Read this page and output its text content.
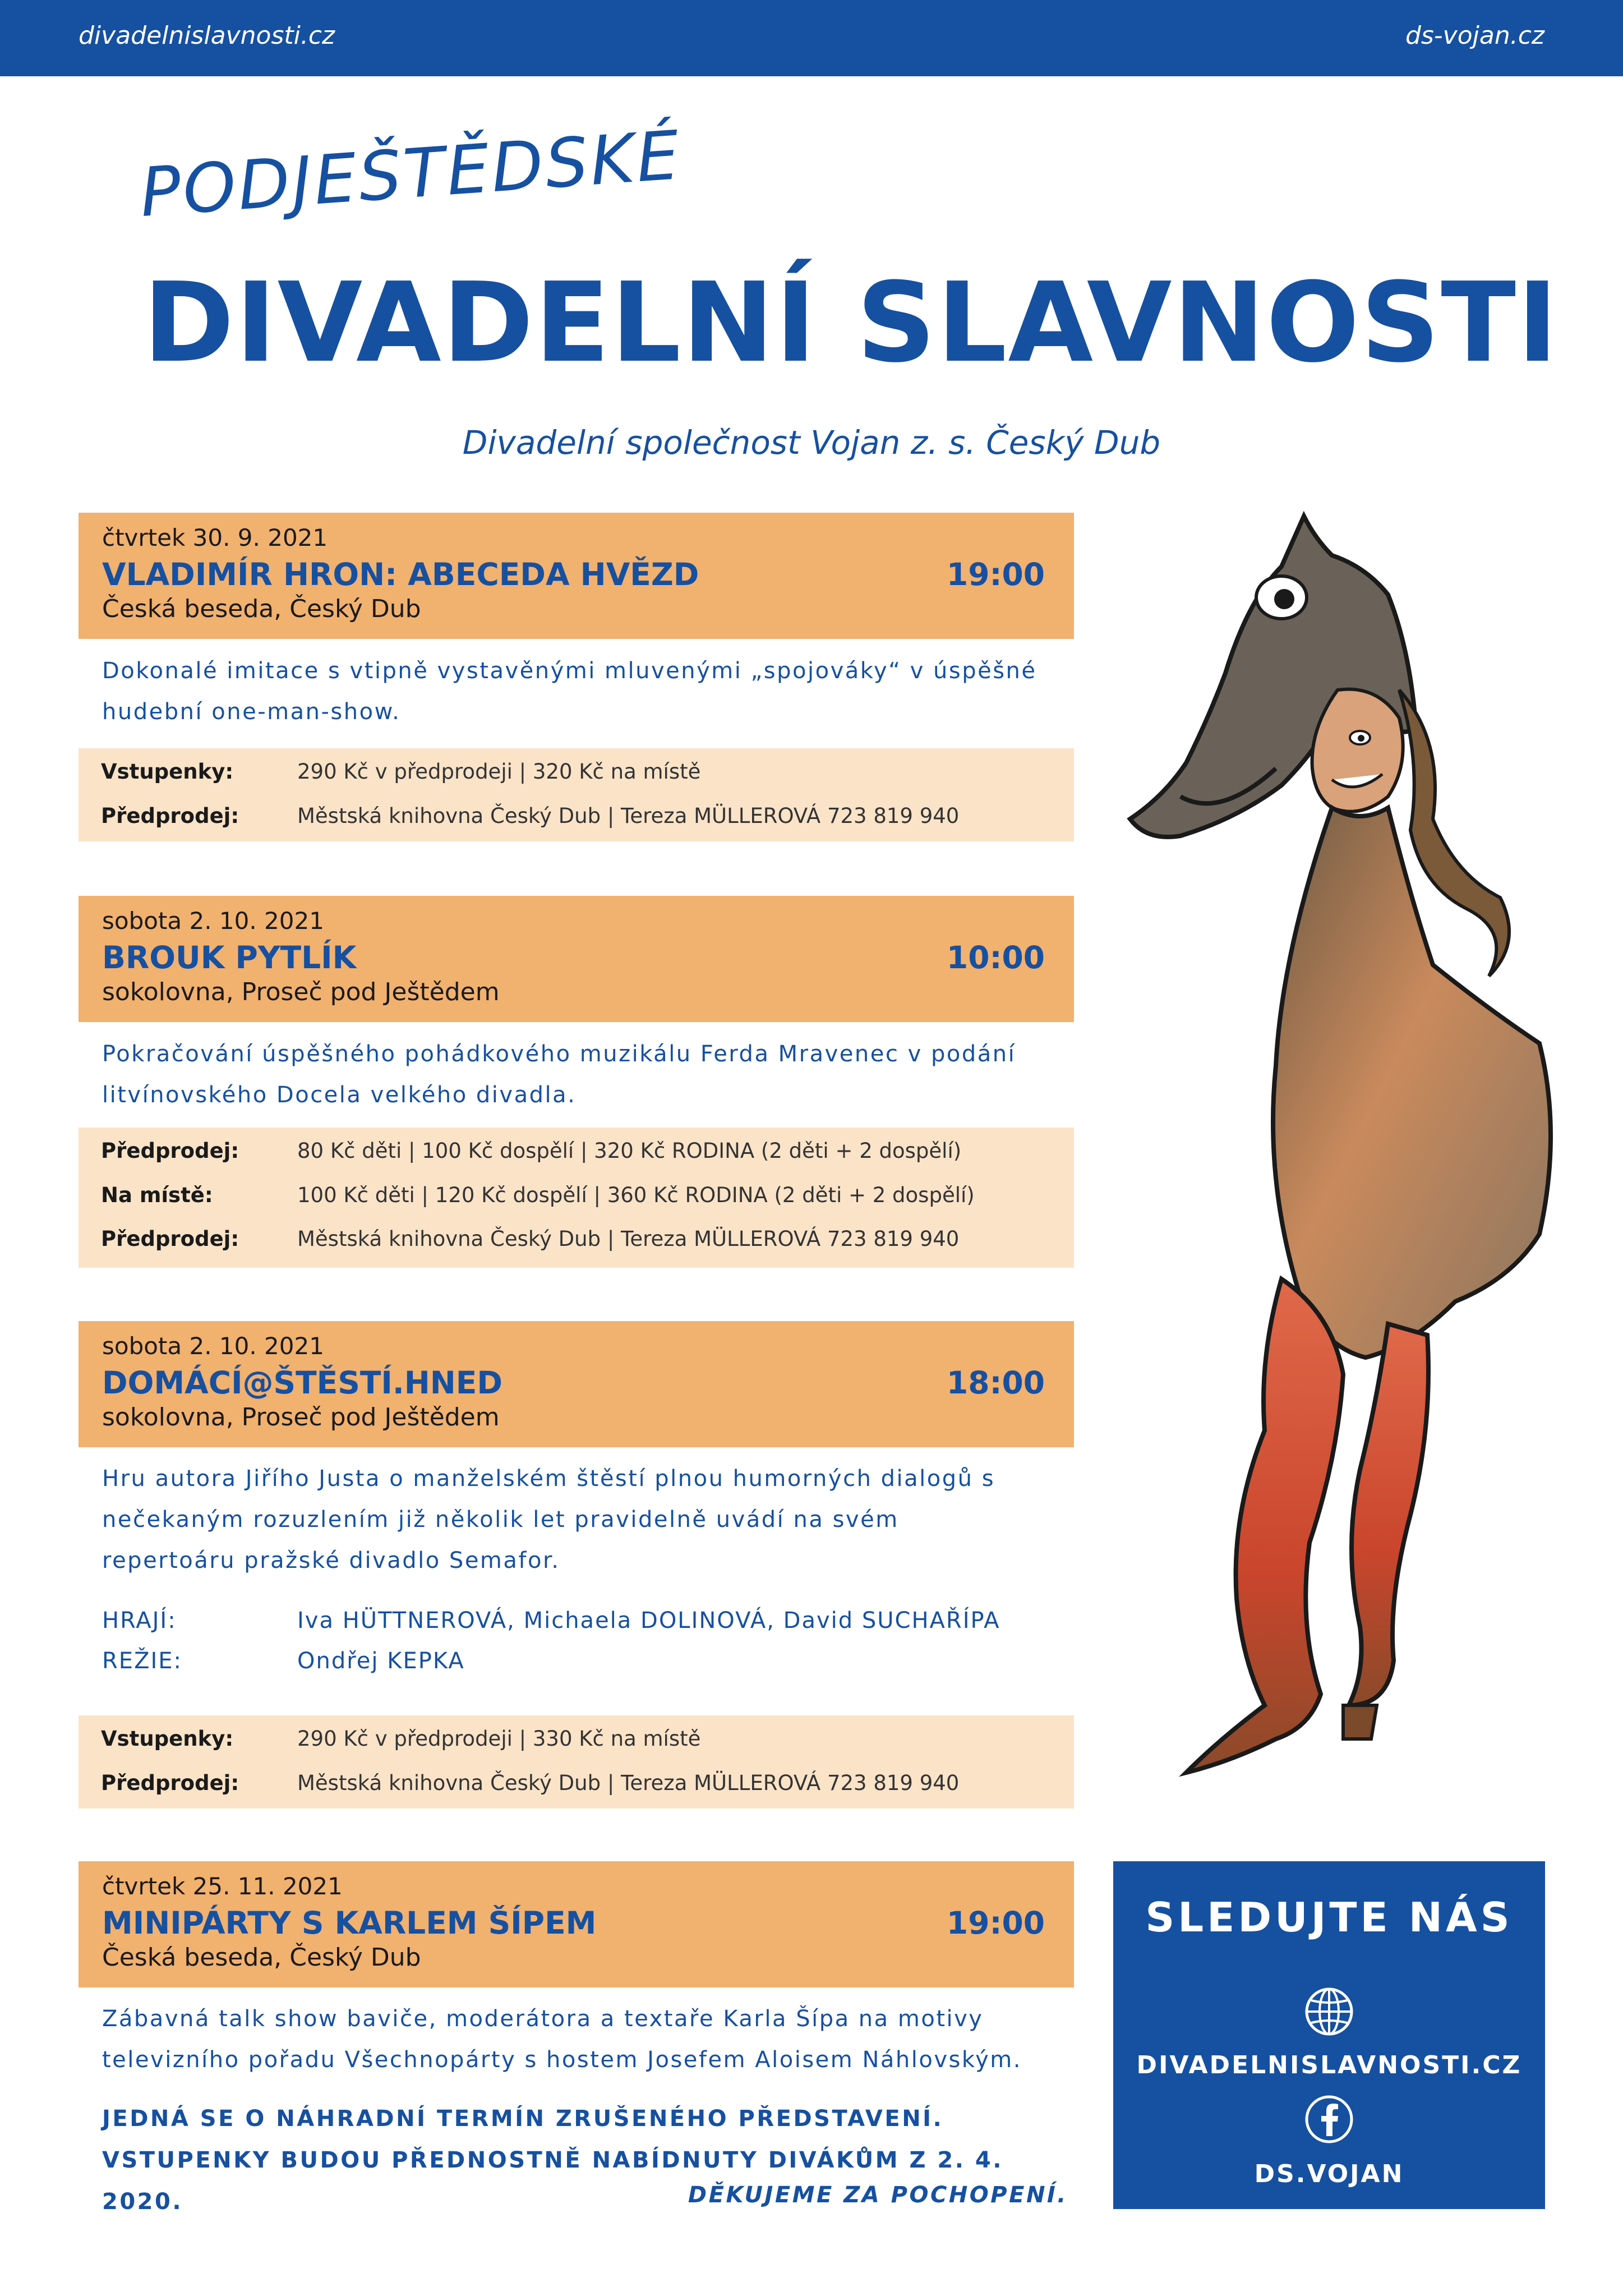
divadelnislavnosti.cz	ds-vojan.cz
PODJEŠTĚDSKÉ
DIVADELNÍ SLAVNOSTI
Divadelní společnost Vojan z. s. Český Dub
čtvrtek 30. 9. 2021
VLADIMÍR HRON: ABECEDA HVĚZD	19:00
Česká beseda, Český Dub
Dokonalé imitace s vtipně vystavěnými mluvenými „spojováky“ v úspěšné
hudební one-man-show.
Vstupenky:	290 Kč v předprodeji | 320 Kč na místě
Předprodej:	Městská knihovna Český Dub | Tereza MÜLLEROVÁ 723 819 940
sobota 2. 10. 2021
BROUK PYTLÍK	10:00
sokolovna, Proseč pod Ještědem
Pokračování úspěšného pohádkového muzikálu Ferda Mravenec v podání
litvínovského Docela velkého divadla.
Předprodej:	80 Kč děti | 100 Kč dospělí | 320 Kč RODINA (2 děti + 2 dospělí)
Na místě:	100 Kč děti | 120 Kč dospělí | 360 Kč RODINA (2 děti + 2 dospělí)
Předprodej:	Městská knihovna Český Dub | Tereza MÜLLEROVÁ 723 819 940
sobota 2. 10. 2021
DOMÁCÍ@ŠTĚSTÍ.HNED	18:00
sokolovna, Proseč pod Ještědem
Hru autora Jiřího Justa o manželském štěstí plnou humorných dialogů s
nečekaným rozuzlením již několik let pravidelně uvádí na svém
repertoáru pražské divadlo Semafor.
HRAJÍ:	Iva HÜTTNEROVÁ, Michaela DOLINOVÁ, David SUCHAŘÍPA
REŽIE:	Ondřej KEPKA
Vstupenky:	290 Kč v předprodeji | 330 Kč na místě
Předprodej:	Městská knihovna Český Dub | Tereza MÜLLEROVÁ 723 819 940
čtvrtek 25. 11. 2021
MINIPÁRTY S KARLEM ŠÍPEM	19:00
Česká beseda, Český Dub
Zábavná talk show baviče, moderátora a textaře Karla Šípa na motivy
televizního pořadu Všechnopárty s hostem Josefem Aloisem Náhlovským.
JEDNÁ SE O NÁHRADNÍ TERMÍN ZRUŠENÉHO PŘEDSTAVENÍ.
VSTUPENKY BUDOU PŘEDNOSTNĚ NABÍDNUTY DIVÁKŮM Z 2. 4. 2020.	DĚKUJEME ZA POCHOPENÍ.
SLEDUJTE NÁS
DIVADELNISLAVNOSTI.CZ
DS.VOJAN
